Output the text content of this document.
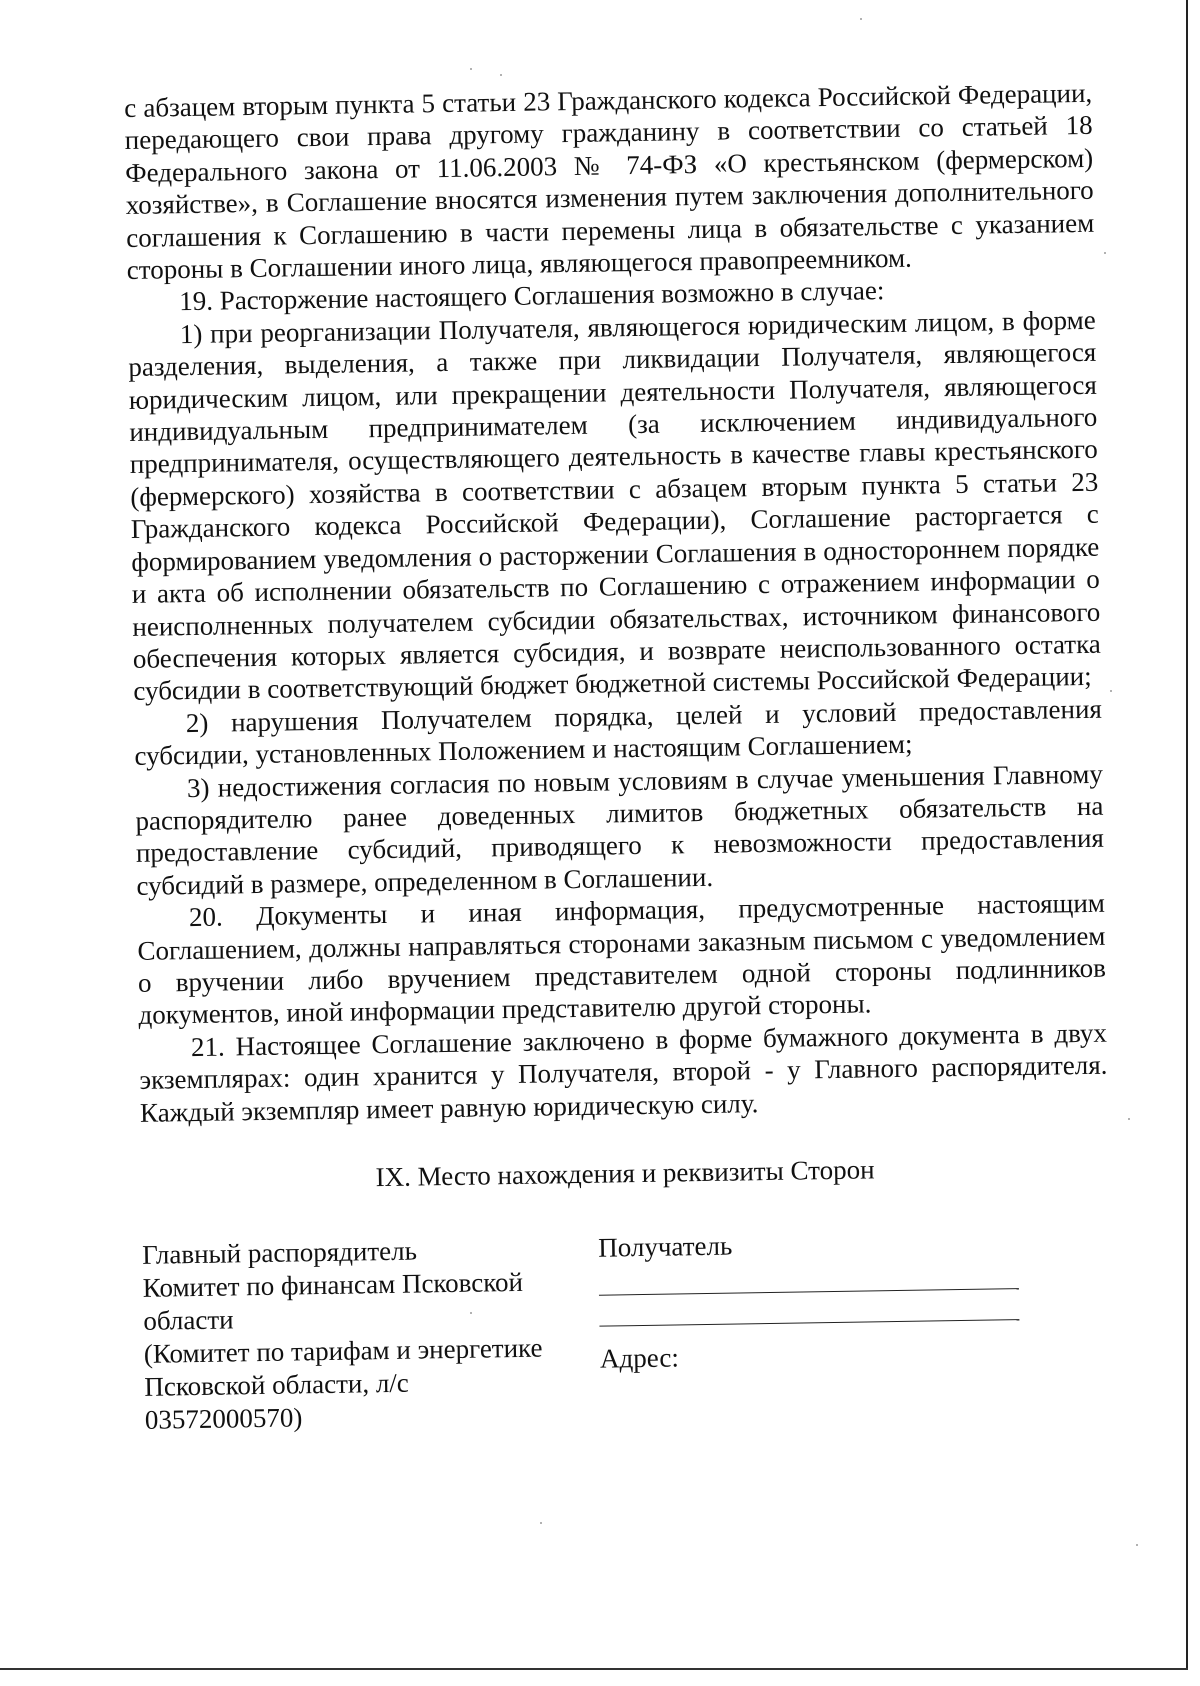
с абзацем вторым пункта 5 статьи 23 Гражданского кодекса Российской Федерации, передающего свои права другому гражданину в соответствии со статьей 18 Федерального закона от 11.06.2003 № 74-ФЗ «О крестьянском (фермерском) хозяйстве», в Соглашение вносятся изменения путем заключения дополнительного соглашения к Соглашению в части перемены лица в обязательстве с указанием стороны в Соглашении иного лица, являющегося правопреемником.

19. Расторжение настоящего Соглашения возможно в случае:

1) при реорганизации Получателя, являющегося юридическим лицом, в форме разделения, выделения, а также при ликвидации Получателя, являющегося юридическим лицом, или прекращении деятельности Получателя, являющегося индивидуальным предпринимателем (за исключением индивидуального предпринимателя, осуществляющего деятельность в качестве главы крестьянского (фермерского) хозяйства в соответствии с абзацем вторым пункта 5 статьи 23 Гражданского кодекса Российской Федерации), Соглашение расторгается с формированием уведомления о расторжении Соглашения в одностороннем порядке и акта об исполнении обязательств по Соглашению с отражением информации о неисполненных получателем субсидии обязательствах, источником финансового обеспечения которых является субсидия, и возврате неиспользованного остатка субсидии в соответствующий бюджет бюджетной системы Российской Федерации;

2) нарушения Получателем порядка, целей и условий предоставления субсидии, установленных Положением и настоящим Соглашением;

3) недостижения согласия по новым условиям в случае уменьшения Главному распорядителю ранее доведенных лимитов бюджетных обязательств на предоставление субсидий, приводящего к невозможности предоставления субсидий в размере, определенном в Соглашении.

20. Документы и иная информация, предусмотренные настоящим Соглашением, должны направляться сторонами заказным письмом с уведомлением о вручении либо вручением представителем одной стороны подлинников документов, иной информации представителю другой стороны.

21. Настоящее Соглашение заключено в форме бумажного документа в двух экземплярах: один хранится у Получателя, второй - у Главного распорядителя. Каждый экземпляр имеет равную юридическую силу.

IX. Место нахождения и реквизиты Сторон
Главный распорядитель
Комитет по финансам Псковской
области
(Комитет по тарифам и энергетике
Псковской области, л/с
03572000570)
Получатель
Адрес:
